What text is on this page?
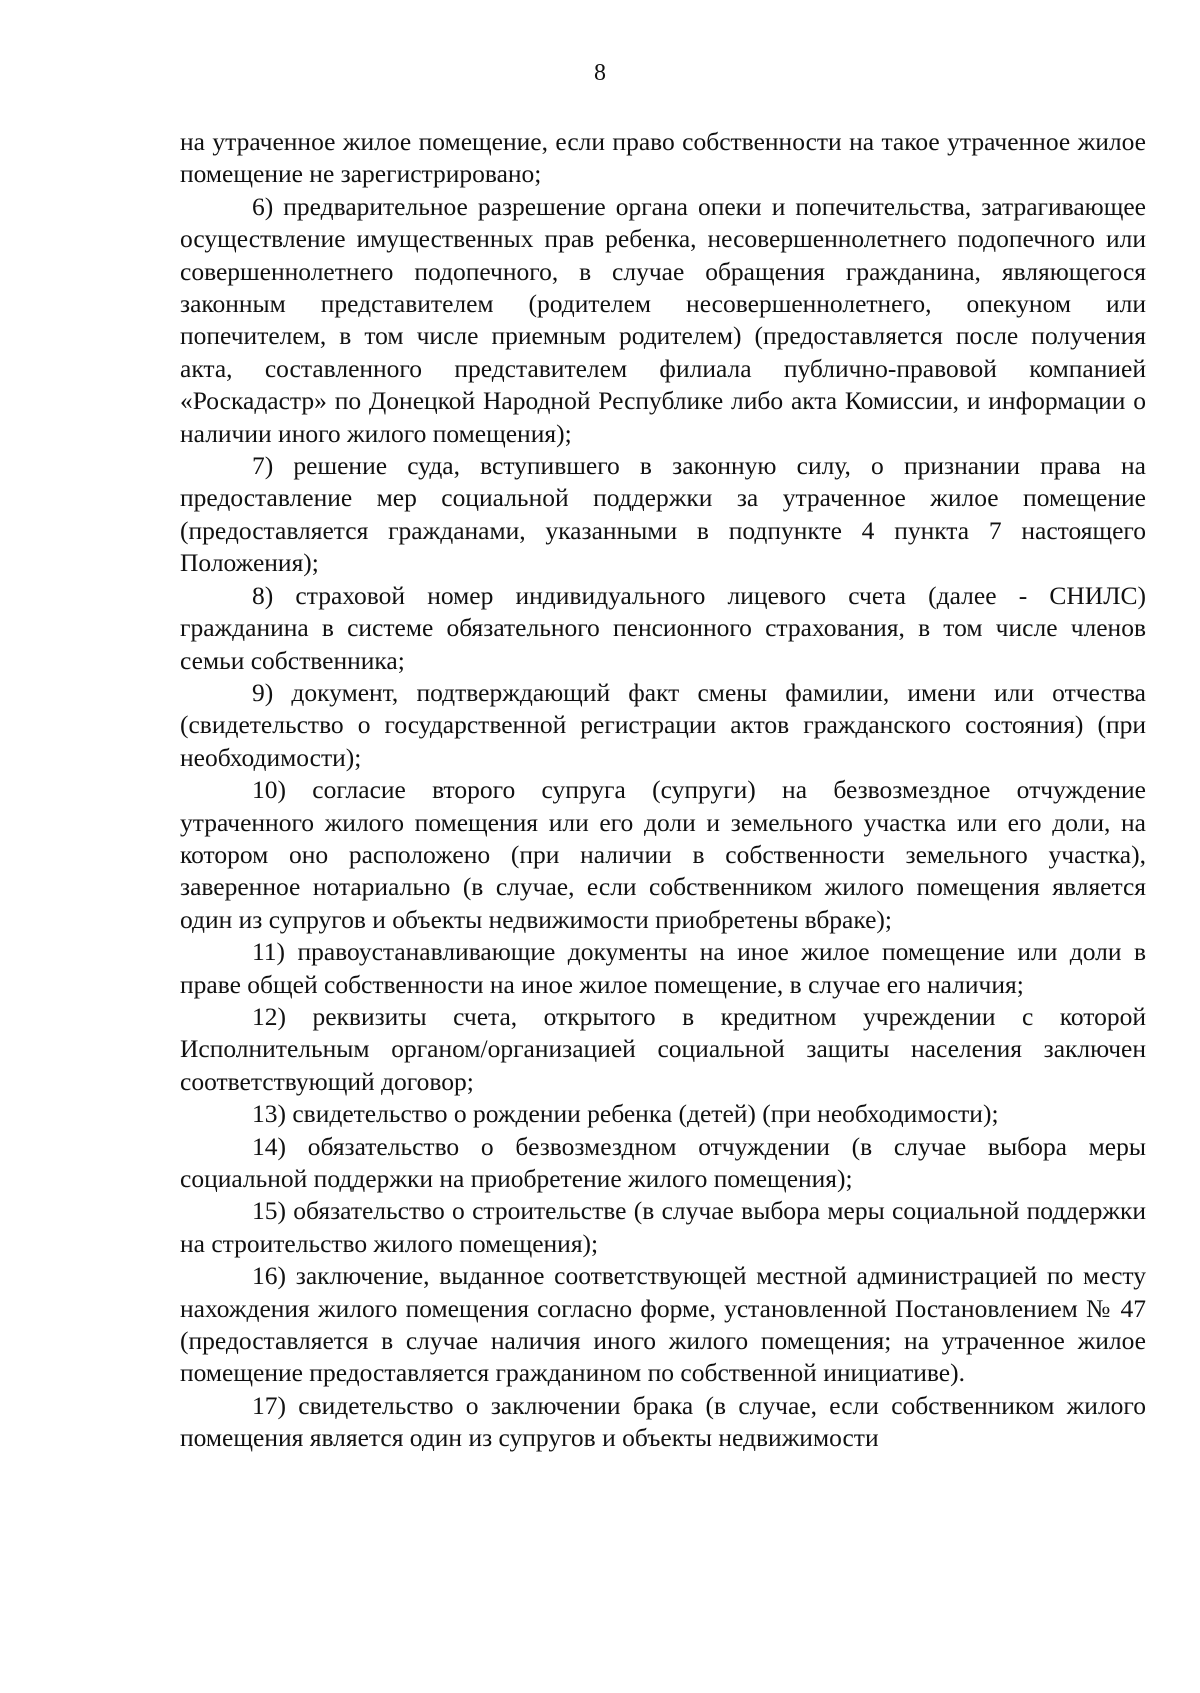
8

на утраченное жилое помещение, если право собственности на такое утраченное жилое помещение не зарегистрировано;

6) предварительное разрешение органа опеки и попечительства, затрагивающее осуществление имущественных прав ребенка, несовершеннолетнего подопечного или совершеннолетнего подопечного, в случае обращения гражданина, являющегося законным представителем (родителем несовершеннолетнего, опекуном или попечителем, в том числе приемным родителем) (предоставляется после получения акта, составленного представителем филиала публично-правовой компанией «Роскадастр» по Донецкой Народной Республике либо акта Комиссии, и информации о наличии иного жилого помещения);

7) решение суда, вступившего в законную силу, о признании права на предоставление мер социальной поддержки за утраченное жилое помещение (предоставляется гражданами, указанными в подпункте 4 пункта 7 настоящего Положения);

8) страховой номер индивидуального лицевого счета (далее - СНИЛС) гражданина в системе обязательного пенсионного страхования, в том числе членов семьи собственника;

9) документ, подтверждающий факт смены фамилии, имени или отчества (свидетельство о государственной регистрации актов гражданского состояния) (при необходимости);

10) согласие второго супруга (супруги) на безвозмездное отчуждение утраченного жилого помещения или его доли и земельного участка или его доли, на котором оно расположено (при наличии в собственности земельного участка), заверенное нотариально (в случае, если собственником жилого помещения является один из супругов и объекты недвижимости приобретены вбраке);

11) правоустанавливающие документы на иное жилое помещение или доли в праве общей собственности на иное жилое помещение, в случае его наличия;

12) реквизиты счета, открытого в кредитном учреждении с которой Исполнительным органом/организацией социальной защиты населения заключен соответствующий договор;

13) свидетельство о рождении ребенка (детей) (при необходимости);

14) обязательство о безвозмездном отчуждении (в случае выбора меры социальной поддержки на приобретение жилого помещения);

15) обязательство о строительстве (в случае выбора меры социальной поддержки на строительство жилого помещения);

16) заключение, выданное соответствующей местной администрацией по месту нахождения жилого помещения согласно форме, установленной Постановлением № 47 (предоставляется в случае наличия иного жилого помещения; на утраченное жилое помещение предоставляется гражданином по собственной инициативе).

17) свидетельство о заключении брака (в случае, если собственником жилого помещения является один из супругов и объекты недвижимости
